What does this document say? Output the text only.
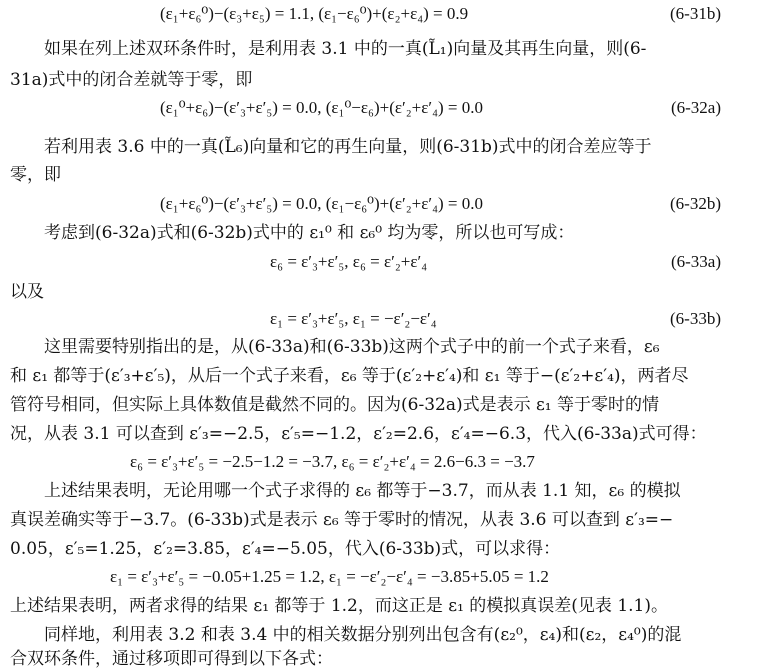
(ε₁+ε₆⁰)−(ε₃+ε₅) = 1.1, (ε₁−ε₆⁰)+(ε₂+ε₄) = 0.9	(6-31b)
如果在列上述双环条件时，是利用表 3.1 中的一真(L̃₁)向量及其再生向量，则(6-
31a)式中的闭合差就等于零，即
(ε₁⁰+ε₆)−(ε′₃+ε′₅) = 0.0, (ε₁⁰−ε₆)+(ε′₂+ε′₄) = 0.0	(6-32a)
若利用表 3.6 中的一真(L̃₆)向量和它的再生向量，则(6-31b)式中的闭合差应等于
零，即
(ε₁+ε₆⁰)−(ε′₃+ε′₅) = 0.0, (ε₁−ε₆⁰)+(ε′₂+ε′₄) = 0.0	(6-32b)
考虑到(6-32a)式和(6-32b)式中的 ε₁⁰ 和 ε₆⁰ 均为零，所以也可写成：
ε₆ = ε′₃+ε′₅, ε₆ = ε′₂+ε′₄	(6-33a)
以及
ε₁ = ε′₃+ε′₅, ε₁ = −ε′₂−ε′₄	(6-33b)
这里需要特别指出的是，从(6-33a)和(6-33b)这两个式子中的前一个式子来看，ε₆
和 ε₁ 都等于(ε′₃+ε′₅)，从后一个式子来看，ε₆ 等于(ε′₂+ε′₄)和 ε₁ 等于−(ε′₂+ε′₄)，两者尽
管符号相同，但实际上具体数值是截然不同的。因为(6-32a)式是表示 ε₁ 等于零时的情
况，从表 3.1 可以查到 ε′₃=−2.5，ε′₅=−1.2，ε′₂=2.6，ε′₄=−6.3，代入(6-33a)式可得：
ε₆ = ε′₃+ε′₅ = −2.5−1.2 = −3.7, ε₆ = ε′₂+ε′₄ = 2.6−6.3 = −3.7
上述结果表明，无论用哪一个式子求得的 ε₆ 都等于−3.7，而从表 1.1 知，ε₆ 的模拟
真误差确实等于−3.7。(6-33b)式是表示 ε₆ 等于零时的情况，从表 3.6 可以查到 ε′₃=−
0.05，ε′₅=1.25，ε′₂=3.85，ε′₄=−5.05，代入(6-33b)式，可以求得：
ε₁ = ε′₃+ε′₅ = −0.05+1.25 = 1.2, ε₁ = −ε′₂−ε′₄ = −3.85+5.05 = 1.2
上述结果表明，两者求得的结果 ε₁ 都等于 1.2，而这正是 ε₁ 的模拟真误差(见表 1.1)。
同样地，利用表 3.2 和表 3.4 中的相关数据分别列出包含有(ε₂⁰，ε₄)和(ε₂，ε₄⁰)的混
合双环条件，通过移项即可得到以下各式：
